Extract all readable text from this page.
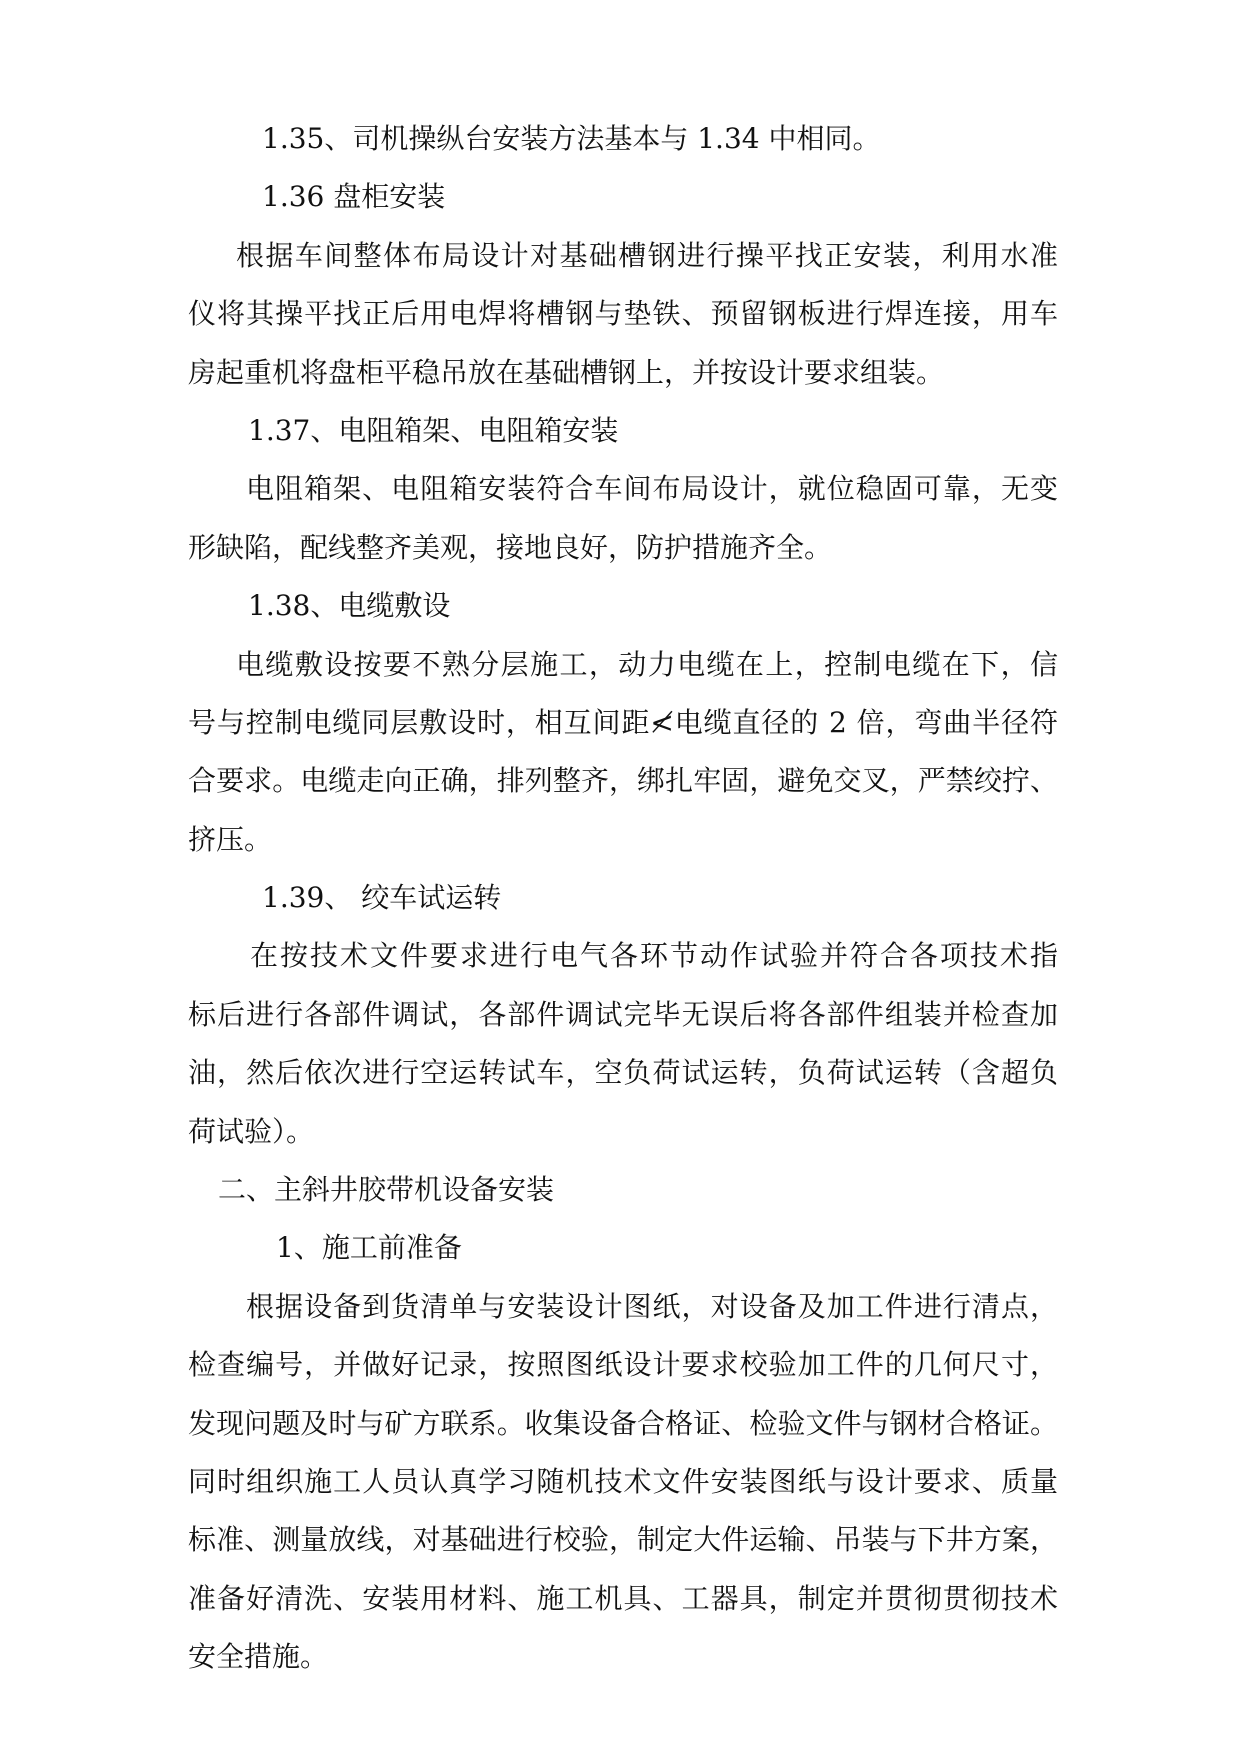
1.35、司机操纵台安装方法基本与 1.34 中相同。
1.36 盘柜安装
根据车间整体布局设计对基础槽钢进行操平找正安装，利用水准
仪将其操平找正后用电焊将槽钢与垫铁、预留钢板进行焊连接，用车
房起重机将盘柜平稳吊放在基础槽钢上，并按设计要求组装。
1.37、电阻箱架、电阻箱安装
电阻箱架、电阻箱安装符合车间布局设计，就位稳固可靠，无变
形缺陷，配线整齐美观，接地良好，防护措施齐全。
1.38、电缆敷设
电缆敷设按要不熟分层施工，动力电缆在上，控制电缆在下，信
号与控制电缆同层敷设时，相互间距≮电缆直径的 2 倍，弯曲半径符
合要求。电缆走向正确，排列整齐，绑扎牢固，避免交叉，严禁绞拧、
挤压。
1.39、 绞车试运转
在按技术文件要求进行电气各环节动作试验并符合各项技术指
标后进行各部件调试，各部件调试完毕无误后将各部件组装并检查加
油，然后依次进行空运转试车，空负荷试运转，负荷试运转（含超负
荷试验）。
二、主斜井胶带机设备安装
1、施工前准备
根据设备到货清单与安装设计图纸，对设备及加工件进行清点，
检查编号，并做好记录，按照图纸设计要求校验加工件的几何尺寸，
发现问题及时与矿方联系。收集设备合格证、检验文件与钢材合格证。
同时组织施工人员认真学习随机技术文件安装图纸与设计要求、质量
标准、测量放线，对基础进行校验，制定大件运输、吊装与下井方案，
准备好清洗、安装用材料、施工机具、工器具，制定并贯彻贯彻技术
安全措施。
